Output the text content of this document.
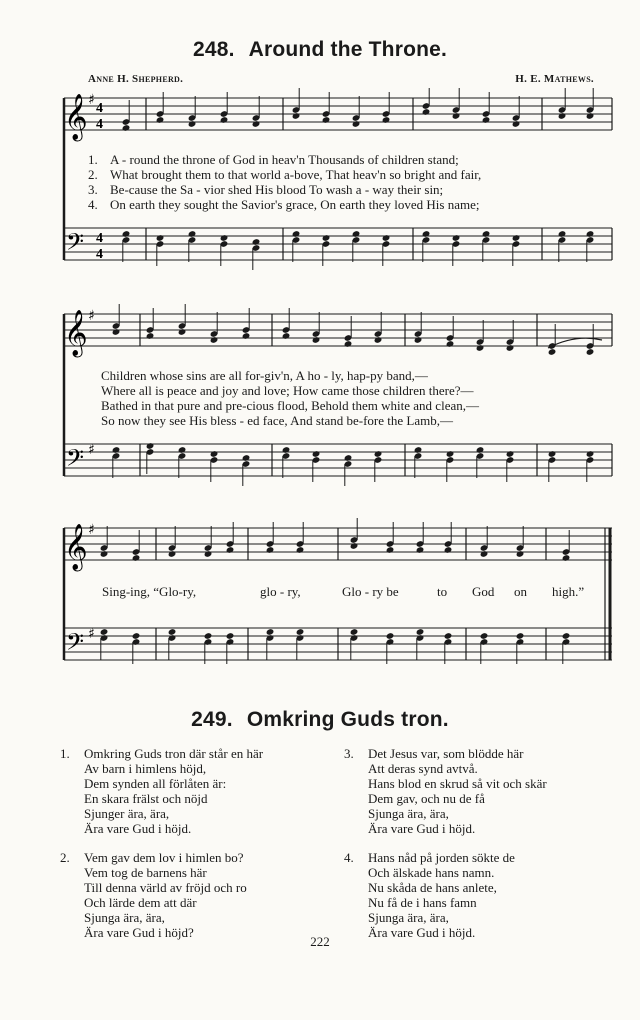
248. Around the Throne.
Anne H. Shepherd.	H. E. Mathews.
𝄞
𝄢
♯
4
4
4
4
1. A - round the throne of God in heav'n Thousands of children stand;
2. What brought them to that world a-bove, That heav'n so bright and fair,
3. Be-cause the Sa - vior shed His blood To wash a - way their sin;
4. On earth they sought the Savior's grace, On earth they loved His name;
𝄞
𝄢
♯
♯
Children whose sins are all for-giv'n, A ho - ly, hap-py band,—
Where all is peace and joy and love; How came those children there?—
Bathed in that pure and pre-cious flood, Behold them white and clean,—
So now they see His bless - ed face, And stand be-fore the Lamb,—
𝄞
𝄢
♯
♯
Sing-ing, “Glo-ry,	glo - ry,	Glo - ry be	to God on high.”
249. Omkring Guds tron.
1. Omkring Guds tron där står en här
Av barn i himlens höjd,
Dem synden all förlåten är:
En skara frälst och nöjd
Sjunger ära, ära,
Ära vare Gud i höjd.
2. Vem gav dem lov i himlen bo?
Vem tog de barnens här
Till denna värld av fröjd och ro
Och lärde dem att där
Sjunga ära, ära,
Ära vare Gud i höjd?
3. Det Jesus var, som blödde här
Att deras synd avtvå.
Hans blod en skrud så vit och skär
Dem gav, och nu de få
Sjunga ära, ära,
Ära vare Gud i höjd.
4. Hans nåd på jorden sökte de
Och älskade hans namn.
Nu skåda de hans anlete,
Nu få de i hans famn
Sjunga ära, ära,
Ära vare Gud i höjd.
222
